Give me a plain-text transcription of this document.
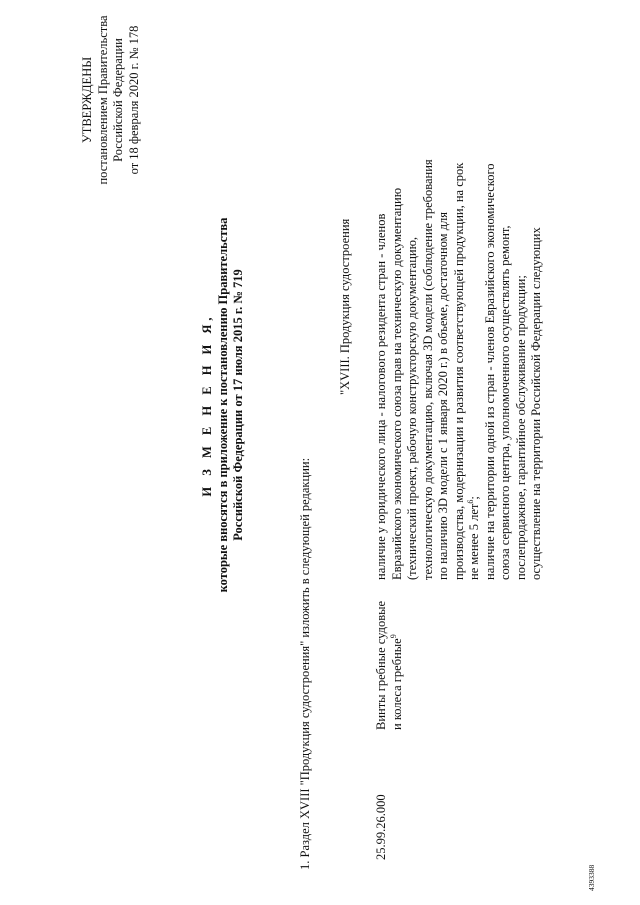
УТВЕРЖДЕНЫ постановлением Правительства Российской Федерации от 18 февраля 2020 г. № 178
И З М Е Н Е Н И Я, которые вносятся в приложение к постановлению Правительства Российской Федерации от 17 июля 2015 г. № 719
1. Раздел XVIII "Продукция судостроения" изложить в следующей редакции:
"XVIII. Продукция судостроения
25.99.26.000
Винты гребные судовые и колеса гребные$^9$
наличие у юридического лица - налогового резидента стран - членов Евразийского экономического союза прав на техническую документацию (технический проект, рабочую конструкторскую документацию, технологическую документацию, включая 3D модели (соблюдение требования по наличию 3D модели с 1 января 2020 г.) в объеме, достаточном для производства, модернизации и развития соответствующей продукции, на срок не менее 5 лет$^6$; наличие на территории одной из стран - членов Евразийского экономического союза сервисного центра, уполномоченного осуществлять ремонт, послепродажное, гарантийное обслуживание продукции; осуществление на территории Российской Федерации следующих
4393388
